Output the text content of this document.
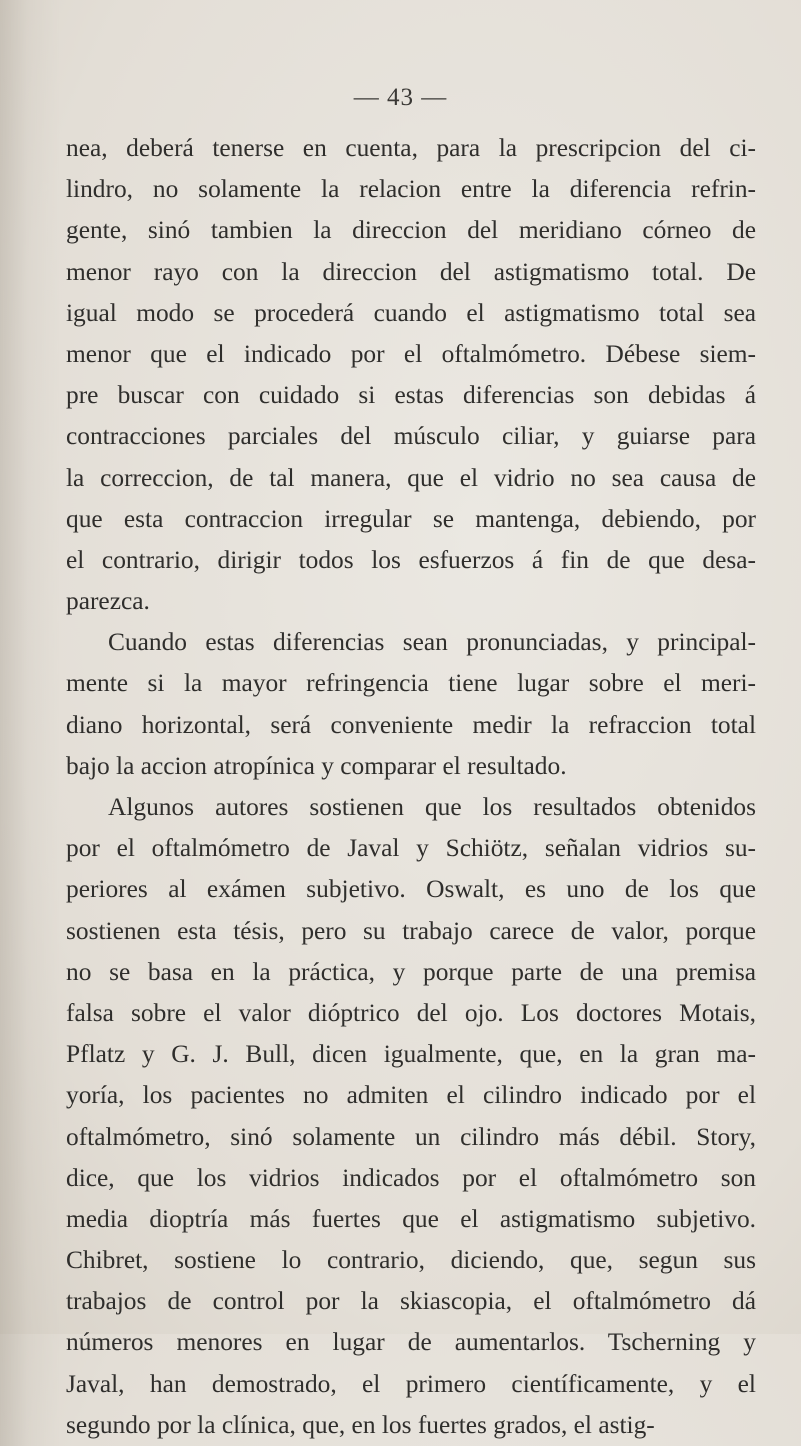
— 43 —
nea, deberá tenerse en cuenta, para la prescripcion del ci-
lindro, no solamente la relacion entre la diferencia refrin-
gente, sinó tambien la direccion del meridiano córneo de
menor rayo con la direccion del astigmatismo total. De
igual modo se procederá cuando el astigmatismo total sea
menor que el indicado por el oftalmómetro. Débese siem-
pre buscar con cuidado si estas diferencias son debidas á
contracciones parciales del músculo ciliar, y guiarse para
la correccion, de tal manera, que el vidrio no sea causa de
que esta contraccion irregular se mantenga, debiendo, por
el contrario, dirigir todos los esfuerzos á fin de que desa-
parezca.
Cuando estas diferencias sean pronunciadas, y principal-
mente si la mayor refringencia tiene lugar sobre el meri-
diano horizontal, será conveniente medir la refraccion total
bajo la accion atropínica y comparar el resultado.
Algunos autores sostienen que los resultados obtenidos
por el oftalmómetro de Javal y Schiötz, señalan vidrios su-
periores al exámen subjetivo. Oswalt, es uno de los que
sostienen esta tésis, pero su trabajo carece de valor, porque
no se basa en la práctica, y porque parte de una premisa
falsa sobre el valor dióptrico del ojo. Los doctores Motais,
Pflatz y G. J. Bull, dicen igualmente, que, en la gran ma-
yoría, los pacientes no admiten el cilindro indicado por el
oftalmómetro, sinó solamente un cilindro más débil. Story,
dice, que los vidrios indicados por el oftalmómetro son
media dioptría más fuertes que el astigmatismo subjetivo.
Chibret, sostiene lo contrario, diciendo, que, segun sus
trabajos de control por la skiascopia, el oftalmómetro dá
números menores en lugar de aumentarlos. Tscherning y
Javal, han demostrado, el primero científicamente, y el
segundo por la clínica, que, en los fuertes grados, el astig-
